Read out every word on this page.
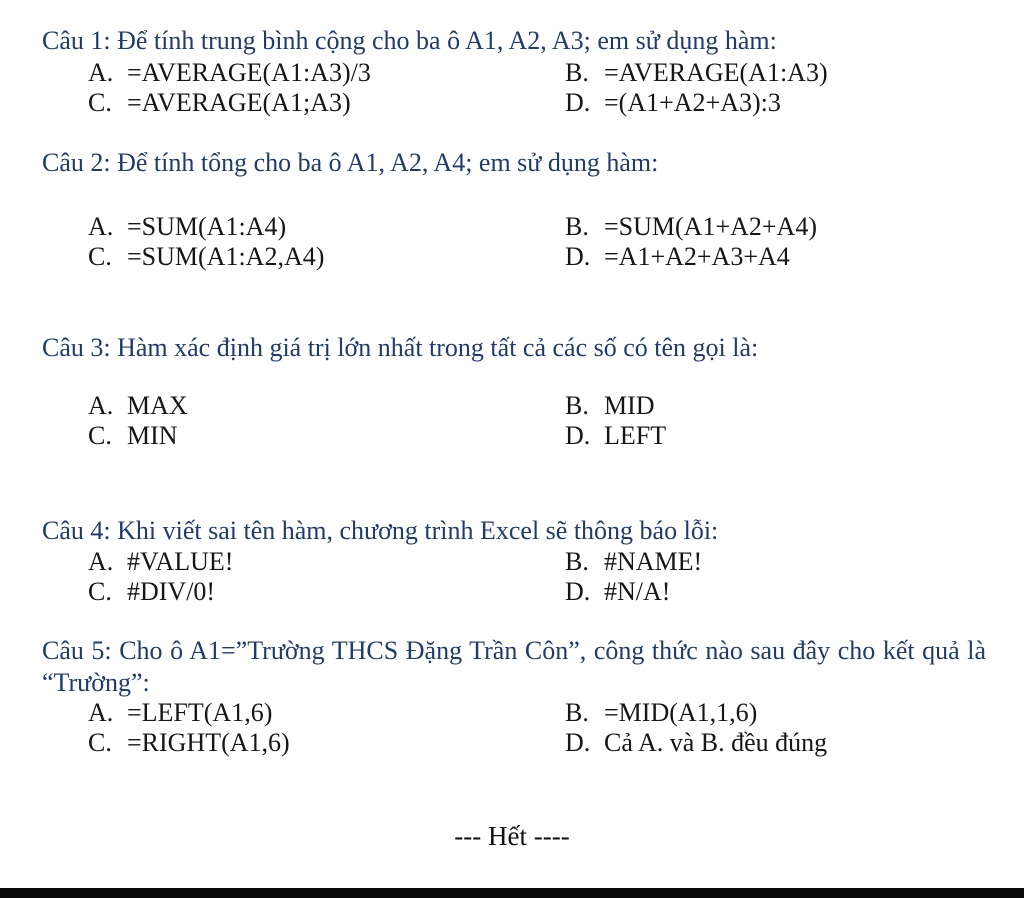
Câu 1: Để tính trung bình cộng cho ba ô A1, A2, A3; em sử dụng hàm:
A. =AVERAGE(A1:A3)/3	B. =AVERAGE(A1:A3)
C. =AVERAGE(A1;A3)	D. =(A1+A2+A3):3
Câu 2: Để tính tổng cho ba ô A1, A2, A4; em sử dụng hàm:
A. =SUM(A1:A4)	B. =SUM(A1+A2+A4)
C. =SUM(A1:A2,A4)	D. =A1+A2+A3+A4
Câu 3: Hàm xác định giá trị lớn nhất trong tất cả các số có tên gọi là:
A. MAX	B. MID
C. MIN	D. LEFT
Câu 4: Khi viết sai tên hàm, chương trình Excel sẽ thông báo lỗi:
A. #VALUE!	B. #NAME!
C. #DIV/0!	D. #N/A!
Câu 5: Cho ô A1=”Trường THCS Đặng Trần Côn”, công thức nào sau đây cho kết quả là
“Trường”:
A. =LEFT(A1,6)	B. =MID(A1,1,6)
C. =RIGHT(A1,6)	D. Cả A. và B. đều đúng
--- Hết ----
